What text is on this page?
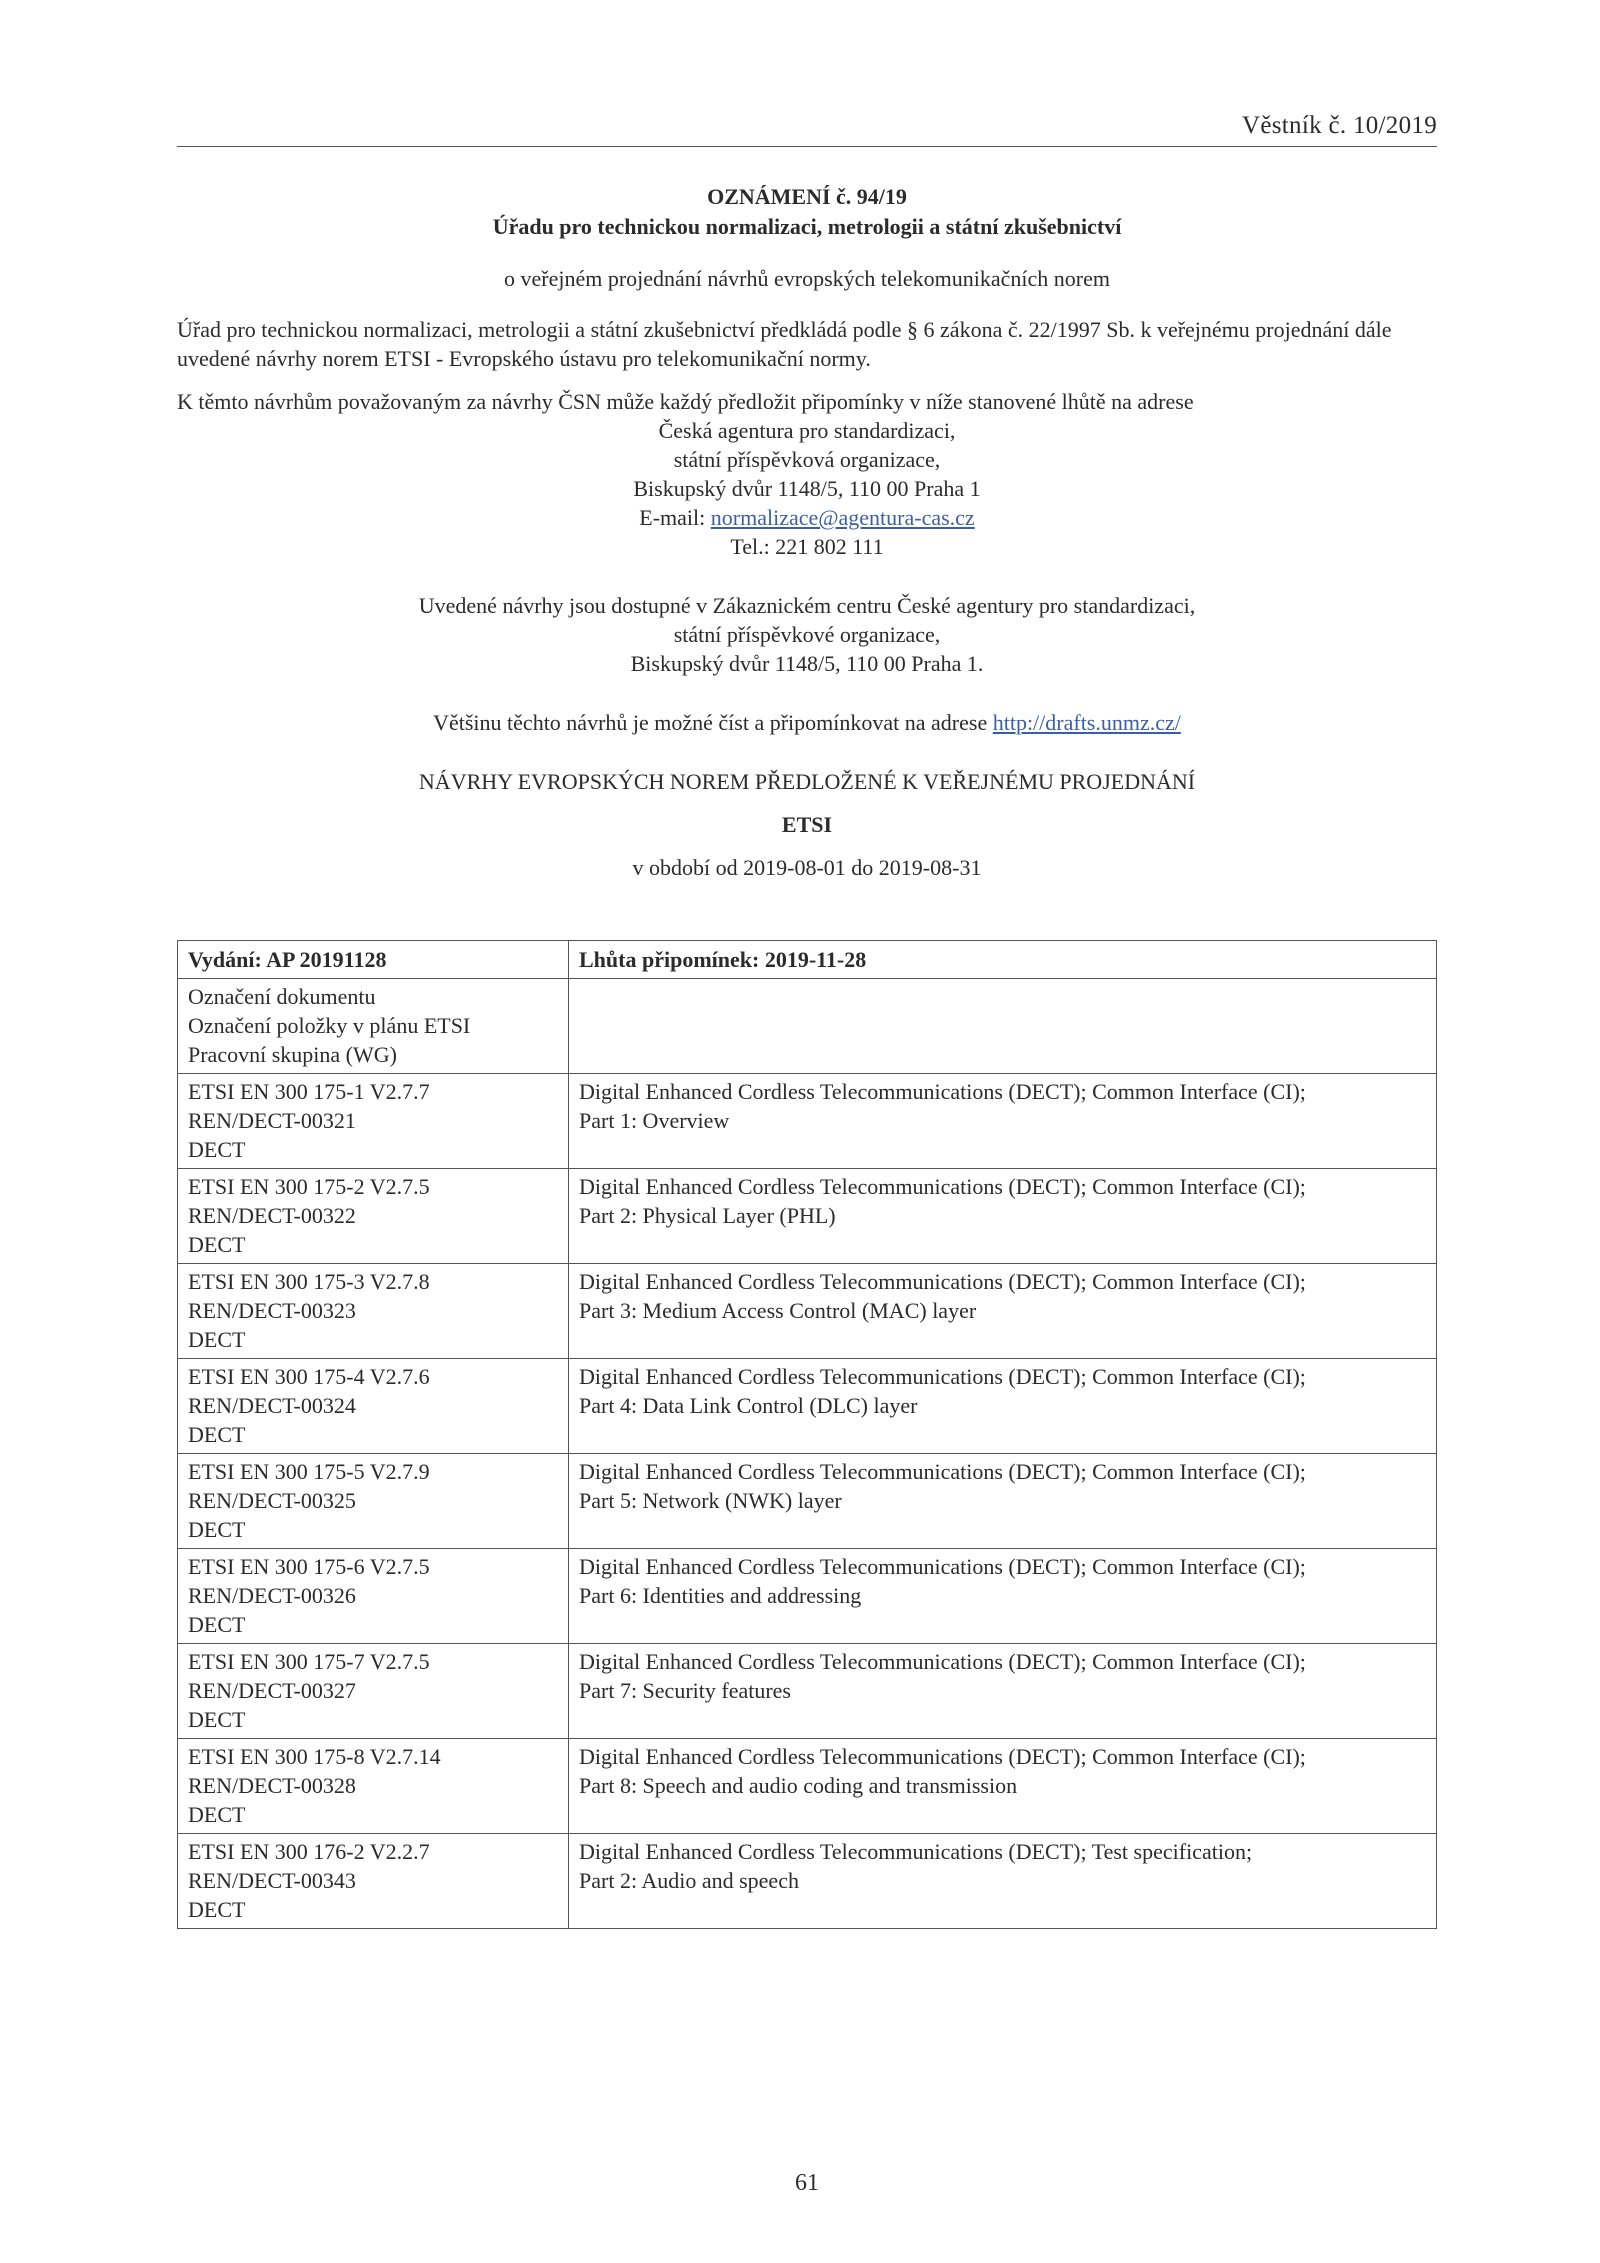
Věstník č. 10/2019

OZNÁMENÍ č. 94/19

Úřadu pro technickou normalizaci, metrologii a státní zkušebnictví

o veřejném projednání návrhů evropských telekomunikačních norem

Úřad pro technickou normalizaci, metrologii a státní zkušebnictví předkládá podle § 6 zákona č. 22/1997 Sb. k veřejnému projednání dále uvedené návrhy norem ETSI - Evropského ústavu pro telekomunikační normy.

K těmto návrhům považovaným za návrhy ČSN může každý předložit připomínky v níže stanovené lhůtě na adrese

Česká agentura pro standardizaci,
státní příspěvková organizace,
Biskupský dvůr 1148/5, 110 00 Praha 1
E-mail: normalizace@agentura-cas.cz
Tel.: 221 802 111
Uvedené návrhy jsou dostupné v Zákaznickém centru České agentury pro standardizaci,
státní příspěvkové organizace,
Biskupský dvůr 1148/5, 110 00 Praha 1.

Většinu těchto návrhů je možné číst a připomínkovat na adrese http://drafts.unmz.cz/

NÁVRHY EVROPSKÝCH NOREM PŘEDLOŽENÉ K VEŘEJNÉMU PROJEDNÁNÍ

ETSI

v období od 2019-08-01 do 2019-08-31

Vydání: AP 20191128	Lhůta připomínek: 2019-11-28

Označení dokumentu
Označení položky v plánu ETSI
Pracovní skupina (WG)	

ETSI EN 300 175-1 V2.7.7
REN/DECT-00321
DECT	Digital Enhanced Cordless Telecommunications (DECT); Common Interface (CI);
Part 1: Overview

ETSI EN 300 175-2 V2.7.5
REN/DECT-00322
DECT	Digital Enhanced Cordless Telecommunications (DECT); Common Interface (CI);
Part 2: Physical Layer (PHL)

ETSI EN 300 175-3 V2.7.8
REN/DECT-00323
DECT	Digital Enhanced Cordless Telecommunications (DECT); Common Interface (CI);
Part 3: Medium Access Control (MAC) layer

ETSI EN 300 175-4 V2.7.6
REN/DECT-00324
DECT	Digital Enhanced Cordless Telecommunications (DECT); Common Interface (CI);
Part 4: Data Link Control (DLC) layer

ETSI EN 300 175-5 V2.7.9
REN/DECT-00325
DECT	Digital Enhanced Cordless Telecommunications (DECT); Common Interface (CI);
Part 5: Network (NWK) layer

ETSI EN 300 175-6 V2.7.5
REN/DECT-00326
DECT	Digital Enhanced Cordless Telecommunications (DECT); Common Interface (CI);
Part 6: Identities and addressing

ETSI EN 300 175-7 V2.7.5
REN/DECT-00327
DECT	Digital Enhanced Cordless Telecommunications (DECT); Common Interface (CI);
Part 7: Security features

ETSI EN 300 175-8 V2.7.14
REN/DECT-00328
DECT	Digital Enhanced Cordless Telecommunications (DECT); Common Interface (CI);
Part 8: Speech and audio coding and transmission

ETSI EN 300 176-2 V2.2.7
REN/DECT-00343
DECT	Digital Enhanced Cordless Telecommunications (DECT); Test specification;
Part 2: Audio and speech
61
